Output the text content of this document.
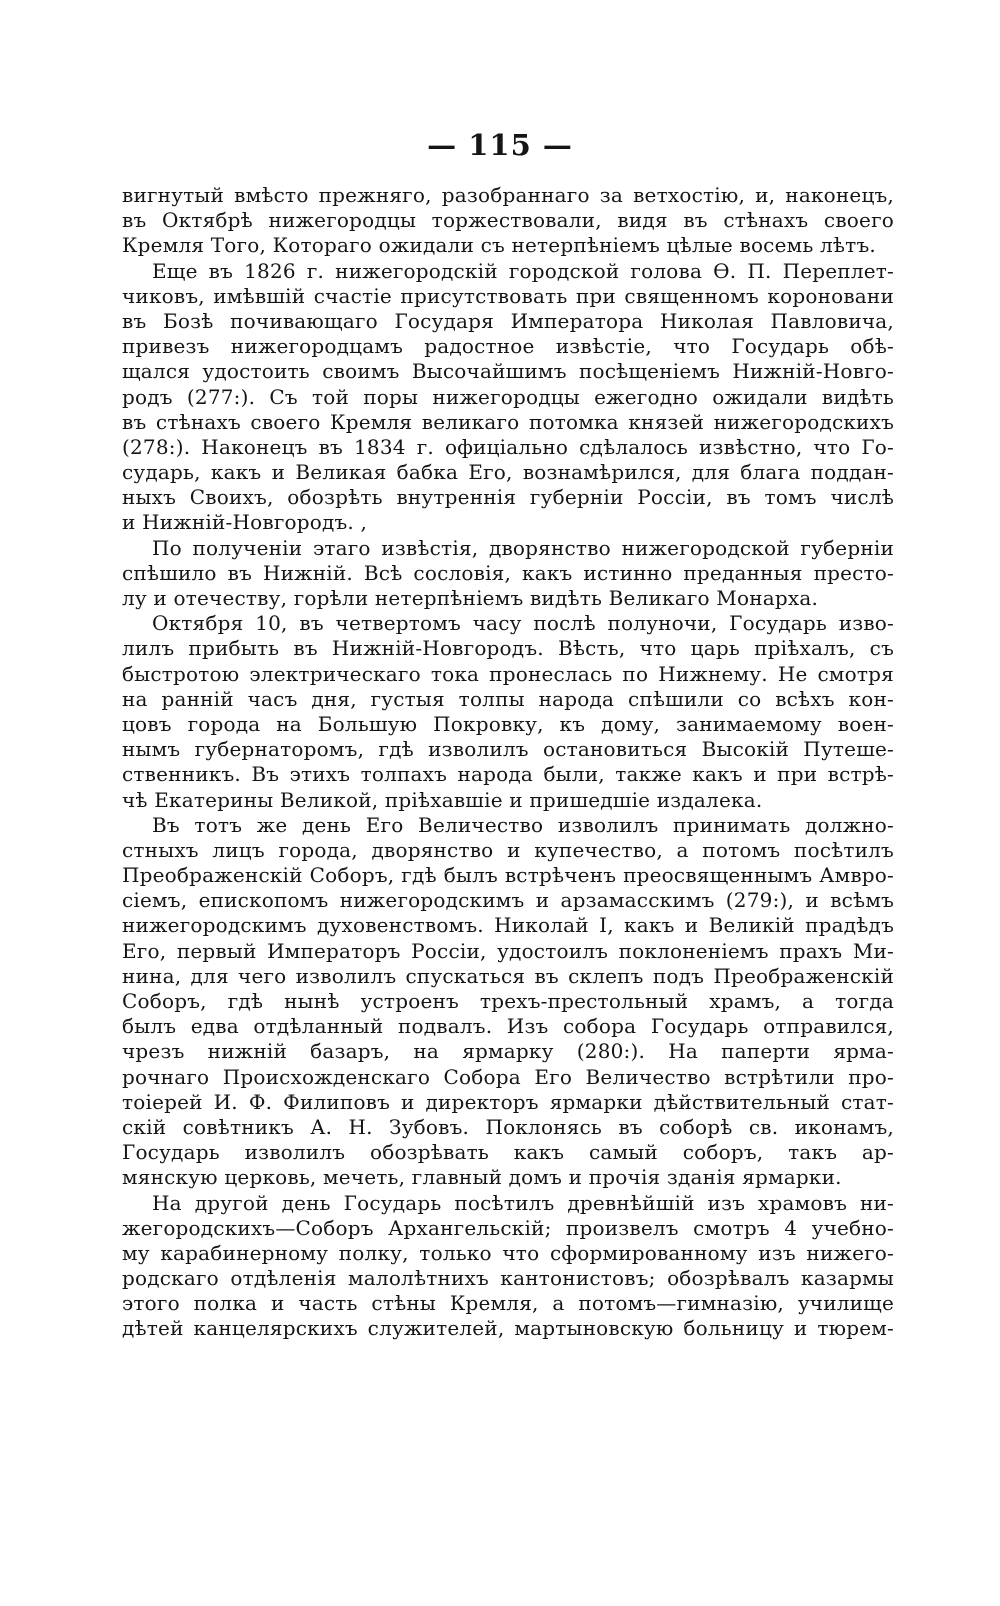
— 115 —
вигнутый вмѣсто прежняго, разобраннаго за ветхостію, и, наконецъ,
въ Октябрѣ нижегородцы торжествовали, видя въ стѣнахъ своего
Кремля Того, Котораго ожидали съ нетерпѣніемъ цѣлые восемь лѣтъ.
Еще въ 1826 г. нижегородскій городской голова Ѳ. П. Переплет-
чиковъ, имѣвшій счастіе присутствовать при священномъ короновани
въ Бозѣ почивающаго Государя Императора Николая Павловича,
привезъ нижегородцамъ радостное извѣстіе, что Государь обѣ-
щался удостоить своимъ Высочайшимъ посѣщеніемъ Нижній-Новго-
родъ (277:). Съ той поры нижегородцы ежегодно ожидали видѣть
въ стѣнахъ своего Кремля великаго потомка князей нижегородскихъ
(278:). Наконецъ въ 1834 г. офиціально сдѣлалось извѣстно, что Го-
сударь, какъ и Великая бабка Его, вознамѣрился, для блага поддан-
ныхъ Своихъ, обозрѣть внутреннія губерніи Россіи, въ томъ числѣ
и Нижній-Новгородъ. ,
По полученіи этаго извѣстія, дворянство нижегородской губерніи
спѣшило въ Нижній. Всѣ сословія, какъ истинно преданныя престо-
лу и отечеству, горѣли нетерпѣніемъ видѣть Великаго Монарха.
Октября 10, въ четвертомъ часу послѣ полуночи, Государь изво-
лилъ прибыть въ Нижній-Новгородъ. Вѣсть, что царь пріѣхалъ, съ
быстротою электрическаго тока пронеслась по Нижнему. Не смотря
на ранній часъ дня, густыя толпы народа спѣшили со всѣхъ кон-
цовъ города на Большую Покровку, къ дому, занимаемому воен-
нымъ губернаторомъ, гдѣ изволилъ остановиться Высокій Путеше-
ственникъ. Въ этихъ толпахъ народа были, также какъ и при встрѣ-
чѣ Екатерины Великой, пріѣхавшіе и пришедшіе издалека.
Въ тотъ же день Его Величество изволилъ принимать должно-
стныхъ лицъ города, дворянство и купечество, а потомъ посѣтилъ
Преображенскій Соборъ, гдѣ былъ встрѣченъ преосвященнымъ Амвро-
сіемъ, епископомъ нижегородскимъ и арзамасскимъ (279:), и всѣмъ
нижегородскимъ духовенствомъ. Николай I, какъ и Великій прадѣдъ
Его, первый Императоръ Россіи, удостоилъ поклоненіемъ прахъ Ми-
нина, для чего изволилъ спускаться въ склепъ подъ Преображенскій
Соборъ, гдѣ нынѣ устроенъ трехъ-престольный храмъ, а тогда
былъ едва отдѣланный подвалъ. Изъ собора Государь отправился,
чрезъ нижній базаръ, на ярмарку (280:). На паперти ярма-
рочнаго Происхожденскаго Собора Его Величество встрѣтили про-
тоіерей И. Ф. Филиповъ и директоръ ярмарки дѣйствительный стат-
скій совѣтникъ А. Н. Зубовъ. Поклонясь въ соборѣ св. иконамъ,
Государь изволилъ обозрѣвать какъ самый соборъ, такъ ар-
мянскую церковь, мечеть, главный домъ и прочія зданія ярмарки.
На другой день Государь посѣтилъ древнѣйшій изъ храмовъ ни-
жегородскихъ—Соборъ Архангельскій; произвелъ смотръ 4 учебно-
му карабинерному полку, только что сформированному изъ нижего-
родскаго отдѣленія малолѣтнихъ кантонистовъ; обозрѣвалъ казармы
этого полка и часть стѣны Кремля, а потомъ—гимназію, училище
дѣтей канцелярскихъ служителей, мартыновскую больницу и тюрем-
